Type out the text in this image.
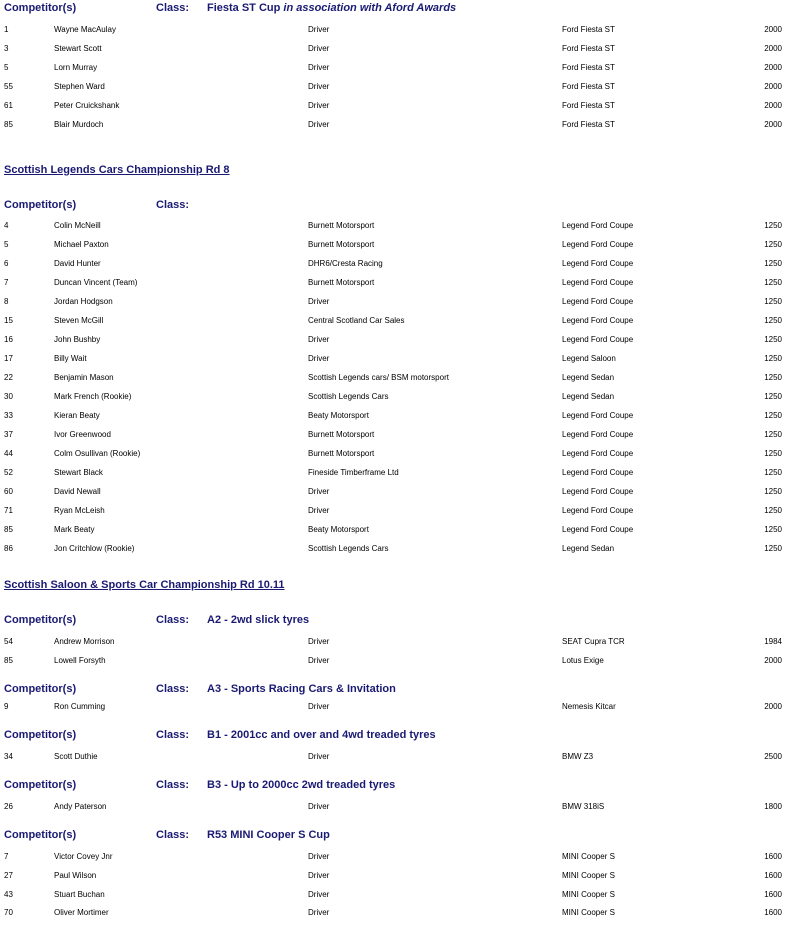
Competitor(s)	Class: Fiesta ST Cup in association with Aford Awards
1	Wayne MacAulay	Driver	Ford Fiesta ST	2000
3	Stewart Scott	Driver	Ford Fiesta ST	2000
5	Lorn Murray	Driver	Ford Fiesta ST	2000
55	Stephen Ward	Driver	Ford Fiesta ST	2000
61	Peter Cruickshank	Driver	Ford Fiesta ST	2000
85	Blair Murdoch	Driver	Ford Fiesta ST	2000
Scottish Legends Cars Championship Rd 8
Competitor(s)	Class:
4	Colin McNeill	Burnett Motorsport	Legend Ford Coupe	1250
5	Michael Paxton	Burnett Motorsport	Legend Ford Coupe	1250
6	David Hunter	DHR6/Cresta Racing	Legend Ford Coupe	1250
7	Duncan Vincent (Team)	Burnett Motorsport	Legend Ford Coupe	1250
8	Jordan Hodgson	Driver	Legend Ford Coupe	1250
15	Steven McGill	Central Scotland Car Sales	Legend Ford Coupe	1250
16	John Bushby	Driver	Legend Ford Coupe	1250
17	Billy Wait	Driver	Legend Saloon	1250
22	Benjamin Mason	Scottish Legends cars/ BSM motorsport	Legend Sedan	1250
30	Mark French (Rookie)	Scottish Legends Cars	Legend Sedan	1250
33	Kieran Beaty	Beaty Motorsport	Legend Ford Coupe	1250
37	Ivor Greenwood	Burnett Motorsport	Legend Ford Coupe	1250
44	Colm Osullivan (Rookie)	Burnett Motorsport	Legend Ford Coupe	1250
52	Stewart Black	Fineside Timberframe Ltd	Legend Ford Coupe	1250
60	David Newall	Driver	Legend Ford Coupe	1250
71	Ryan McLeish	Driver	Legend Ford Coupe	1250
85	Mark Beaty	Beaty Motorsport	Legend Ford Coupe	1250
86	Jon Critchlow (Rookie)	Scottish Legends Cars	Legend Sedan	1250
Scottish Saloon & Sports Car Championship Rd 10.11
Competitor(s)	Class: A2 - 2wd slick tyres
54	Andrew Morrison	Driver	SEAT Cupra TCR	1984
85	Lowell Forsyth	Driver	Lotus Exige	2000
Competitor(s)	Class: A3 - Sports Racing Cars & Invitation
9	Ron Cumming	Driver	Nemesis Kitcar	2000
Competitor(s)	Class: B1 - 2001cc and over and 4wd treaded tyres
34	Scott Duthie	Driver	BMW Z3	2500
Competitor(s)	Class: B3 - Up to 2000cc 2wd treaded tyres
26	Andy Paterson	Driver	BMW 318iS	1800
Competitor(s)	Class: R53 MINI Cooper S Cup
7	Victor Covey Jnr	Driver	MINI Cooper S	1600
27	Paul Wilson	Driver	MINI Cooper S	1600
43	Stuart Buchan	Driver	MINI Cooper S	1600
70	Oliver Mortimer	Driver	MINI Cooper S	1600
